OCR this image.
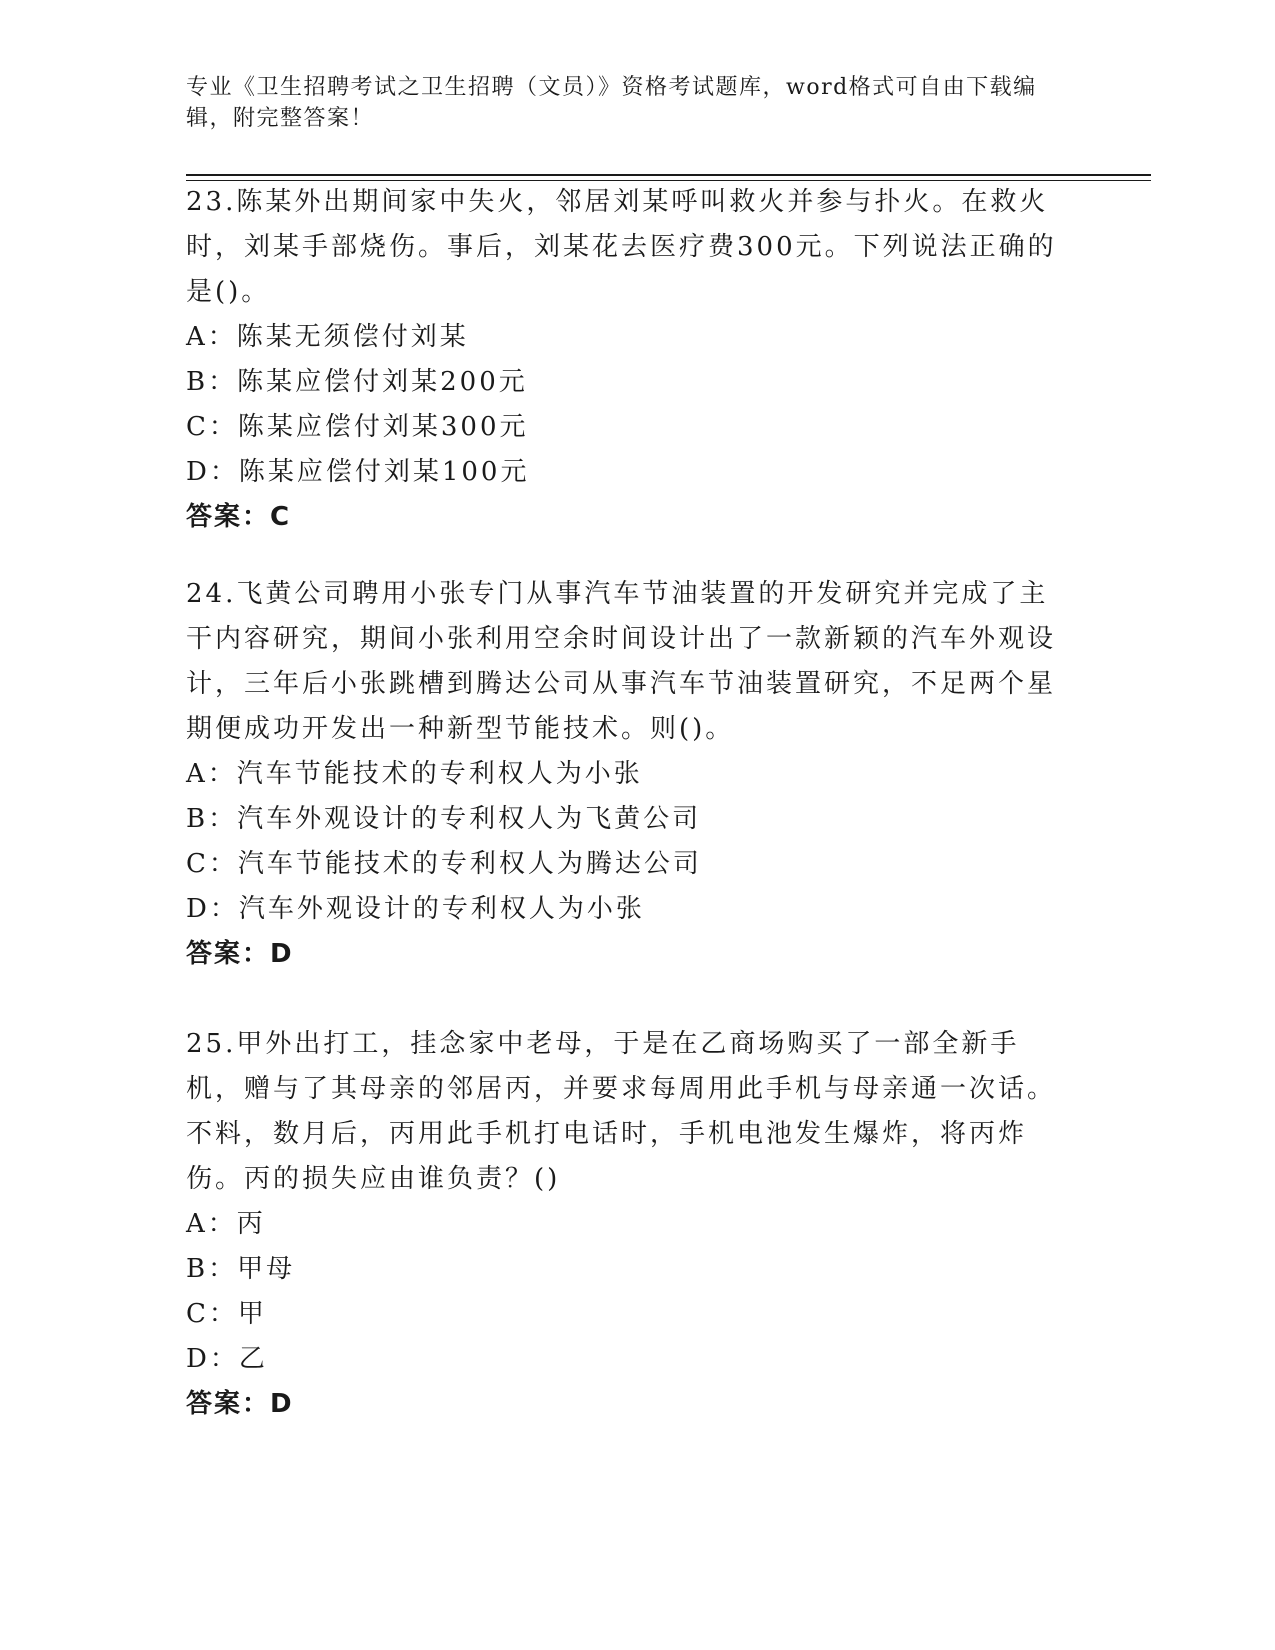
专业《卫生招聘考试之卫生招聘（文员）》资格考试题库，word格式可自由下载编辑，附完整答案！

23.陈某外出期间家中失火，邻居刘某呼叫救火并参与扑火。在救火时，刘某手部烧伤。事后，刘某花去医疗费300元。下列说法正确的是()。

A：陈某无须偿付刘某

B：陈某应偿付刘某200元

C：陈某应偿付刘某300元

D：陈某应偿付刘某100元

答案：C

24.飞黄公司聘用小张专门从事汽车节油装置的开发研究并完成了主干内容研究，期间小张利用空余时间设计出了一款新颖的汽车外观设计，三年后小张跳槽到腾达公司从事汽车节油装置研究，不足两个星期便成功开发出一种新型节能技术。则()。

A：汽车节能技术的专利权人为小张

B：汽车外观设计的专利权人为飞黄公司

C：汽车节能技术的专利权人为腾达公司

D：汽车外观设计的专利权人为小张

答案：D

25.甲外出打工，挂念家中老母，于是在乙商场购买了一部全新手机，赠与了其母亲的邻居丙，并要求每周用此手机与母亲通一次话。不料，数月后，丙用此手机打电话时，手机电池发生爆炸，将丙炸伤。丙的损失应由谁负责？()

A：丙

B：甲母

C：甲

D：乙

答案：D
